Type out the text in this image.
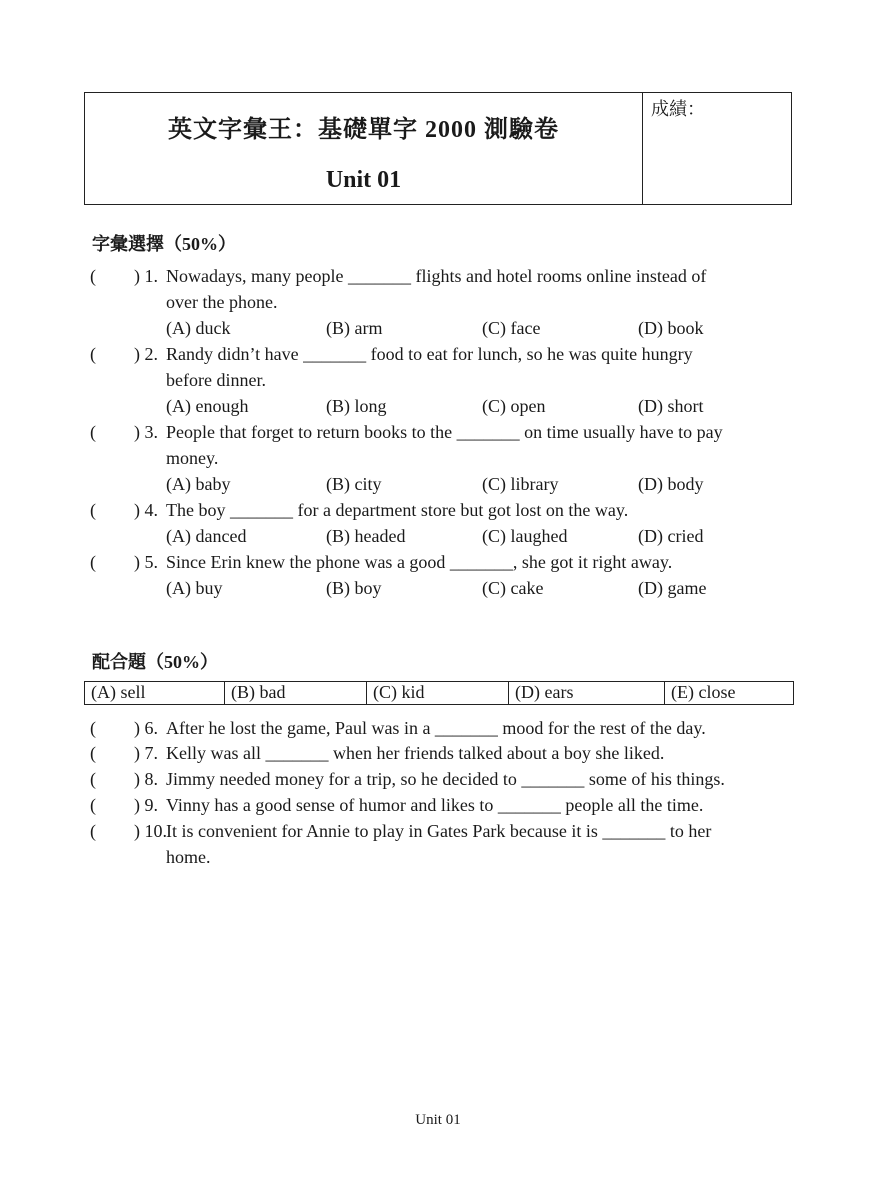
英文字彙王：基礎單字 2000 測驗卷
Unit 01
成績：
字彙選擇（50%）
( ) 1. Nowadays, many people _______ flights and hotel rooms online instead of
over the phone.
(A) duck	(B) arm	(C) face	(D) book
( ) 2. Randy didn’t have _______ food to eat for lunch, so he was quite hungry
before dinner.
(A) enough	(B) long	(C) open	(D) short
( ) 3. People that forget to return books to the _______ on time usually have to pay
money.
(A) baby	(B) city	(C) library	(D) body
( ) 4. The boy _______ for a department store but got lost on the way.
(A) danced	(B) headed	(C) laughed	(D) cried
( ) 5. Since Erin knew the phone was a good _______, she got it right away.
(A) buy	(B) boy	(C) cake	(D) game
配合題（50%）
(A) sell	(B) bad	(C) kid	(D) ears	(E) close
( ) 6. After he lost the game, Paul was in a _______ mood for the rest of the day.
( ) 7. Kelly was all _______ when her friends talked about a boy she liked.
( ) 8. Jimmy needed money for a trip, so he decided to _______ some of his things.
( ) 9. Vinny has a good sense of humor and likes to _______ people all the time.
( ) 10. It is convenient for Annie to play in Gates Park because it is _______ to her
home.
Unit 01
